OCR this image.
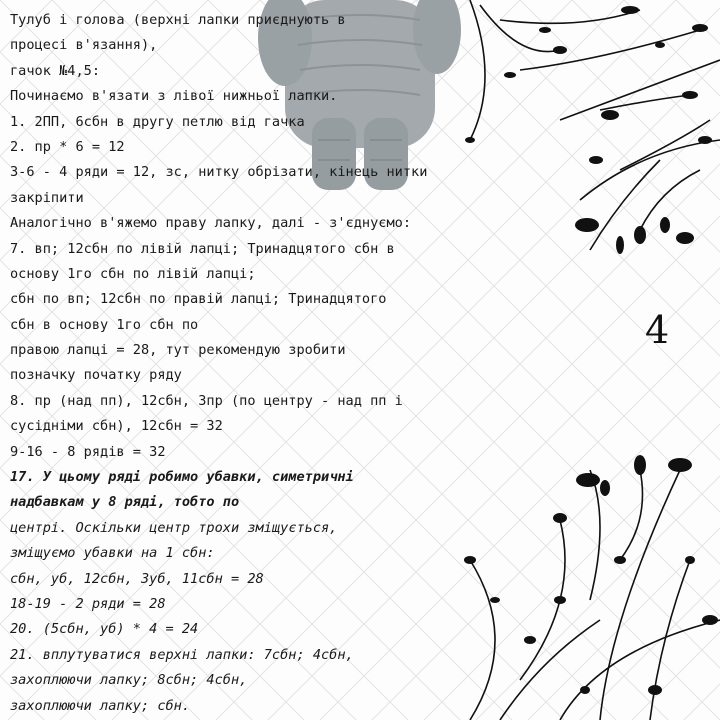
4
Тулуб і голова (верхні лапки приєднують в
процесі в'язання),
гачок №4,5:
Починаємо в'язати з лівої нижньої лапки.
1. 2ПП, 6сбн в другу петлю від гачка
2. пр * 6 = 12
3-6 - 4 ряди = 12, зс, нитку обрізати, кінець нитки
закріпити
Аналогічно в'яжемо праву лапку, далі - з'єднуємо:
7. вп; 12сбн по лівій лапці; Тринадцятого сбн в
основу 1го сбн по лівій лапці;
сбн по вп; 12сбн по правій лапці; Тринадцятого
сбн в основу 1го сбн по
правою лапці = 28, тут рекомендую зробити
позначку початку ряду
8. пр (над пп), 12сбн, 3пр (по центру - над пп і
сусідніми сбн), 12сбн = 32
9-16 - 8 рядів = 32
17. У цьому ряді робимо убавки, симетричні
надбавкам у 8 ряді, тобто по
центрі. Оскільки центр трохи зміщується,
зміщуємо убавки на 1 сбн:
сбн, уб, 12сбн, 3уб, 11сбн = 28
18-19 - 2 ряди = 28
20. (5сбн, уб) * 4 = 24
21. вплутуватися верхні лапки: 7сбн; 4сбн,
захоплюючи лапку; 8сбн; 4сбн,
захоплюючи лапку; сбн.
